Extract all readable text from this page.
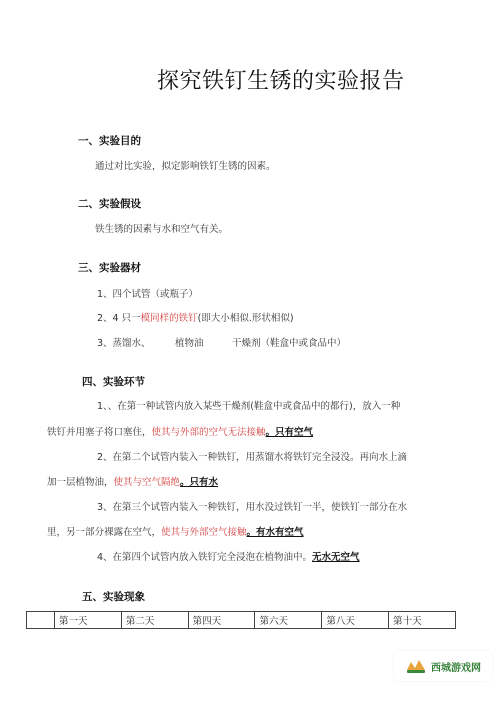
探究铁钉生锈的实验报告
一、实验目的
通过对比实验，拟定影响铁钉生锈的因素。
二、实验假设
铁生锈的因素与水和空气有关。
三、实验器材
1、四个试管（或瓶子）
2、4 只一模同样的铁钉(即大小相似.形状相似)
3、蒸馏水、	植物油	干燥剂（鞋盒中或食品中）
四、实验环节
1、、在第一种试管内放入某些干燥剂(鞋盒中或食品中的都行)，放入一种
铁钉并用塞子将口塞住，使其与外部的空气无法接触。只有空气
2、在第二个试管内装入一种铁钉，用蒸馏水将铁钉完全浸没。再向水上滴
加一层植物油，使其与空气隔绝。只有水
3、在第三个试管内装入一种铁钉，用水没过铁钉一半，使铁钉一部分在水
里，另一部分裸露在空气，使其与外部空气接触。有水有空气
4、在第四个试管内放入铁钉完全浸泡在植物油中。无水无空气
五、实验现象
	第一天	第二天	第四天	第六天	第八天	第十天
西城游戏网
